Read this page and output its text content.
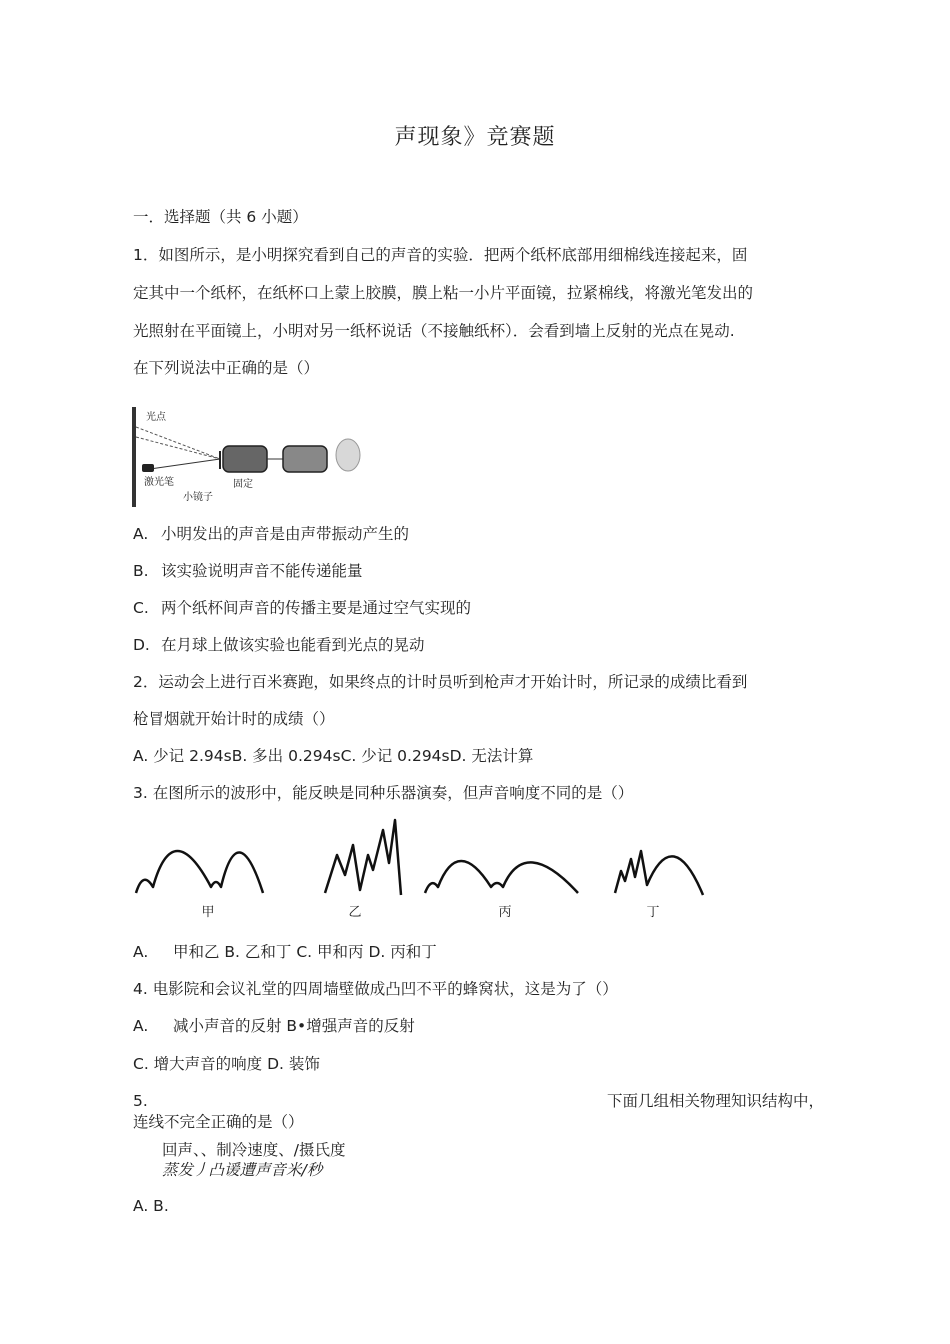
声现象》竞赛题
一．选择题（共 6 小题）
1．如图所示，是小明探究看到自己的声音的实验．把两个纸杯底部用细棉线连接起来，固
定其中一个纸杯，在纸杯口上蒙上胶膜，膜上粘一小片平面镜，拉紧棉线，将激光笔发出的
光照射在平面镜上，小明对另一纸杯说话（不接触纸杯）．会看到墙上反射的光点在晃动.
在下列说法中正确的是（）
光点
激光笔
小镜子
固定
A. 小明发出的声音是由声带振动产生的
B. 该实验说明声音不能传递能量
C. 两个纸杯间声音的传播主要是通过空气实现的
D. 在月球上做该实验也能看到光点的晃动
2．运动会上进行百米赛跑，如果终点的计时员听到枪声才开始计时，所记录的成绩比看到
枪冒烟就开始计时的成绩（）
A. 少记 2.94sB. 多出 0.294sC. 少记 0.294sD. 无法计算
3. 在图所示的波形中，能反映是同种乐器演奏，但声音响度不同的是（）
甲	乙	丙	丁
A. 甲和乙 B. 乙和丁 C. 甲和丙 D. 丙和丁
4. 电影院和会议礼堂的四周墙壁做成凸凹不平的蜂窝状，这是为了（）
A. 减小声音的反射 B•增强声音的反射
C. 增大声音的响度 D. 装饰
5.	下面几组相关物理知识结构中，
连线不完全正确的是（）
回声、、制冷速度、/摄氏度
蒸发丿凸谖遭声音米/秒
A. B.
